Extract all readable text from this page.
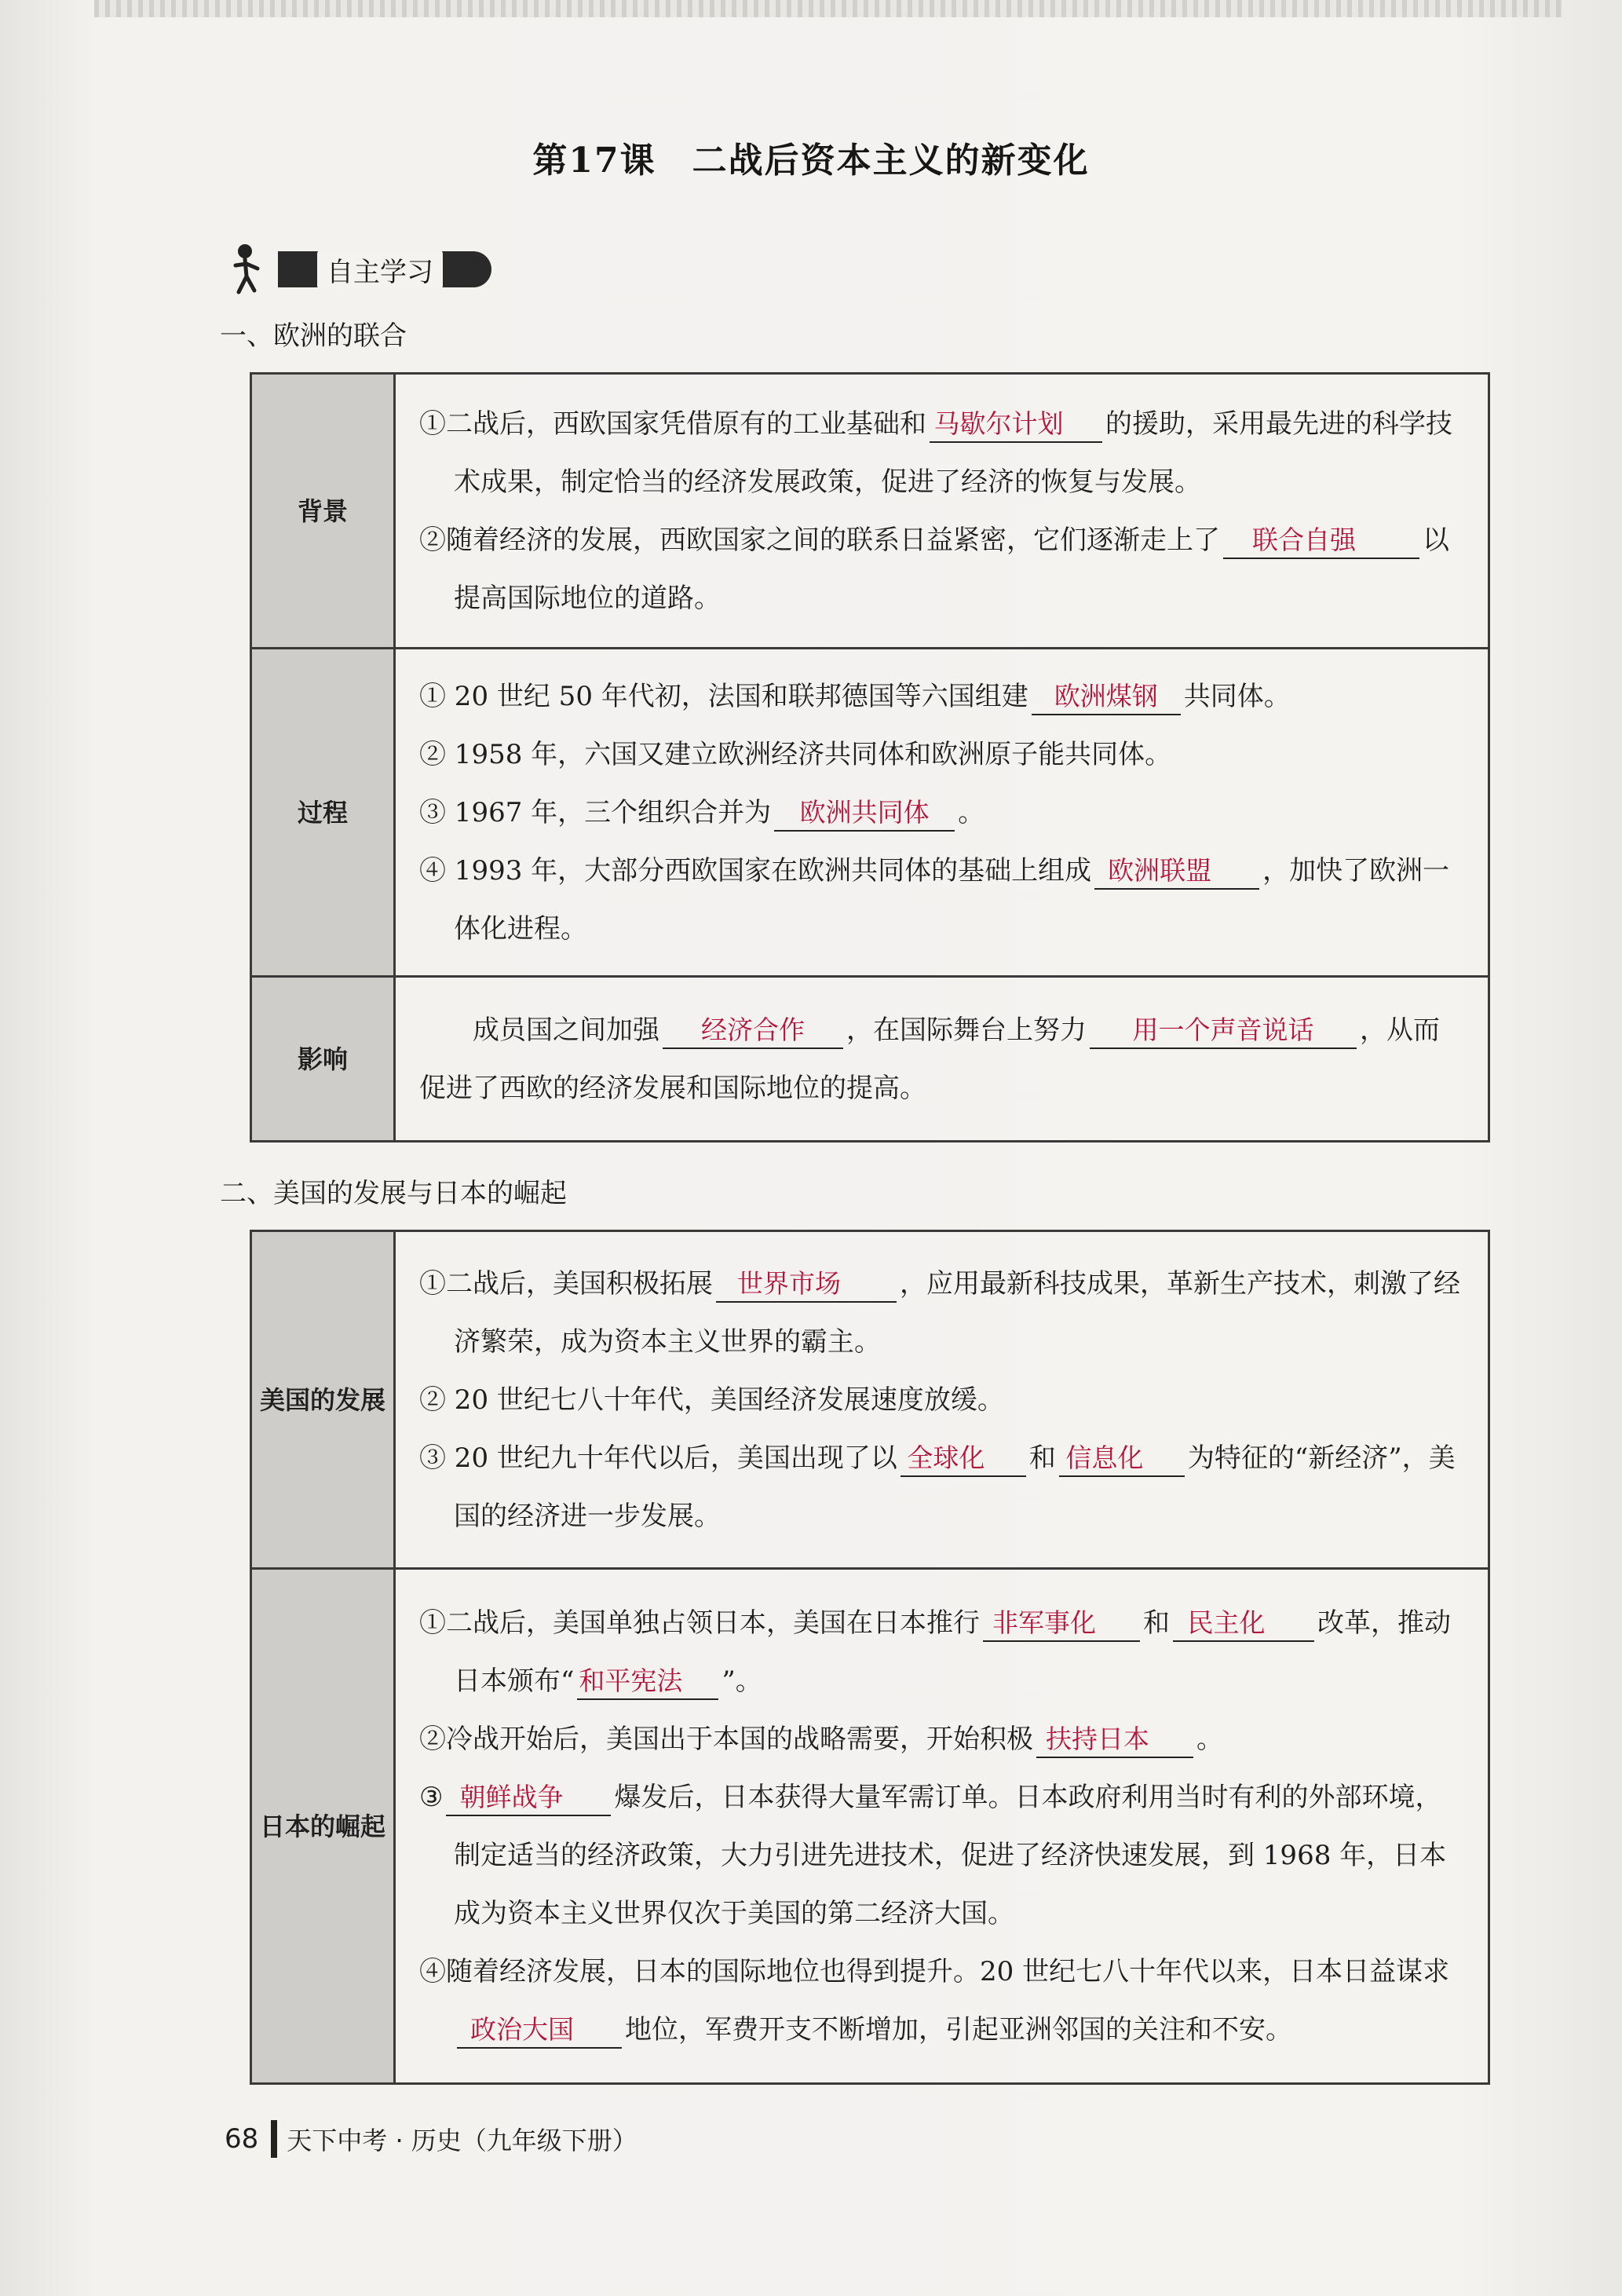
第17课　二战后资本主义的新变化
自主学习
一、欧洲的联合
背景	①二战后，西欧国家凭借原有的工业基础和 马歇尔计划 的援助，采用最先进的科学技术成果，制定恰当的经济发展政策，促进了经济的恢复与发展。
②随着经济的发展，西欧国家之间的联系日益紧密，它们逐渐走上了 联合自强 以提高国际地位的道路。

过程	① 20 世纪 50 年代初，法国和联邦德国等六国组建 欧洲煤钢 共同体。
② 1958 年，六国又建立欧洲经济共同体和欧洲原子能共同体。
③ 1967 年，三个组织合并为 欧洲共同体 。
④ 1993 年，大部分西欧国家在欧洲共同体的基础上组成 欧洲联盟 ，加快了欧洲一体化进程。

影响	　　成员国之间加强 经济合作 ，在国际舞台上努力 用一个声音说话 ，从而促进了西欧的经济发展和国际地位的提高。
二、美国的发展与日本的崛起
美国的发展	①二战后，美国积极拓展 世界市场 ，应用最新科技成果，革新生产技术，刺激了经济繁荣，成为资本主义世界的霸主。
② 20 世纪七八十年代，美国经济发展速度放缓。
③ 20 世纪九十年代以后，美国出现了以 全球化 和 信息化 为特征的“新经济”，美国的经济进一步发展。

日本的崛起	①二战后，美国单独占领日本，美国在日本推行 非军事化 和 民主化 改革，推动日本颁布“ 和平宪法 ”。
②冷战开始后，美国出于本国的战略需要，开始积极 扶持日本 。
③ 朝鲜战争 爆发后，日本获得大量军需订单。日本政府利用当时有利的外部环境，制定适当的经济政策，大力引进先进技术，促进了经济快速发展，到 1968 年，日本成为资本主义世界仅次于美国的第二经济大国。
④随着经济发展，日本的国际地位也得到提升。20 世纪七八十年代以来，日本日益谋求政治大国 地位，军费开支不断增加，引起亚洲邻国的关注和不安。
68 天下中考 · 历史（九年级下册）
